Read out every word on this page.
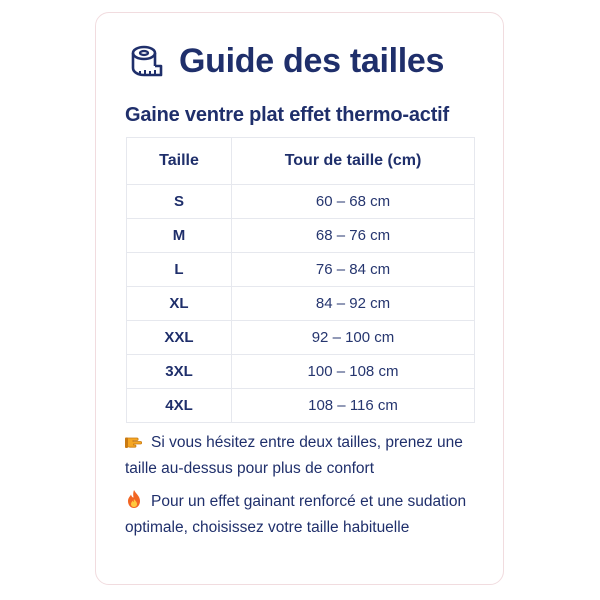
Guide des tailles
Gaine ventre plat effet thermo-actif
Taille	Tour de taille (cm)
S	60 – 68 cm
M	68 – 76 cm
L	76 – 84 cm
XL	84 – 92 cm
XXL	92 – 100 cm
3XL	100 – 108 cm
4XL	108 – 116 cm
Si vous hésitez entre deux tailles, prenez une taille au-dessus pour plus de confort
Pour un effet gainant renforcé et une sudation optimale, choisissez votre taille habituelle
